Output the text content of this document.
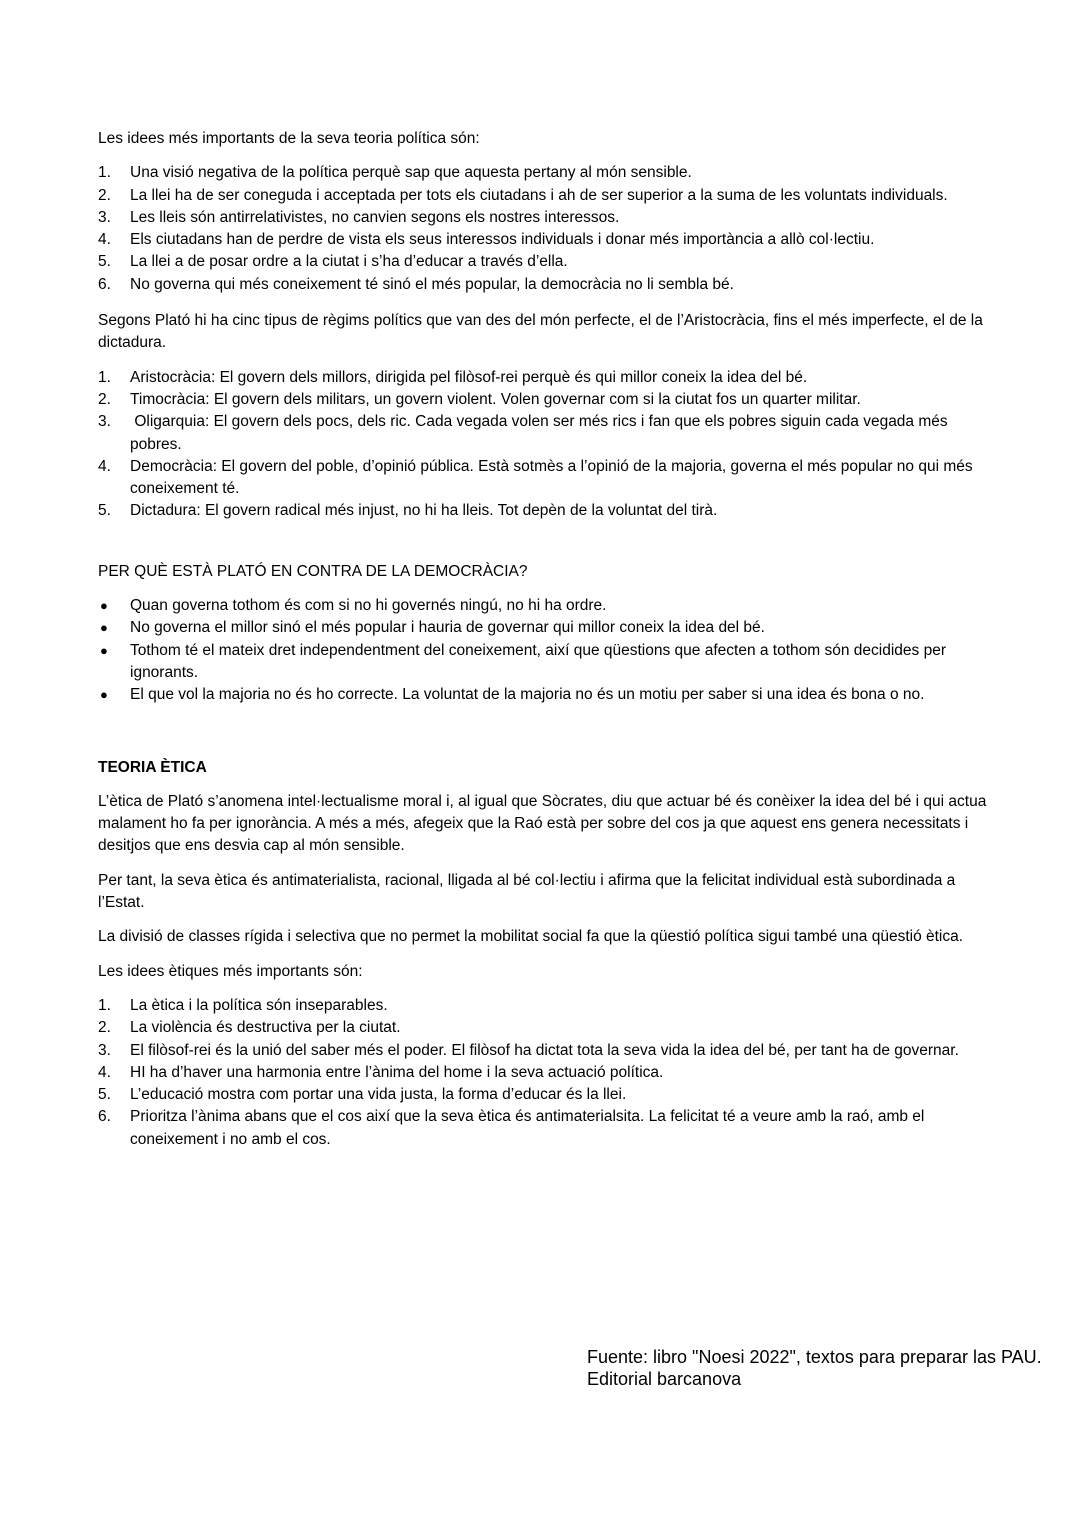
Les idees més importants de la seva teoria política són:

1.	Una visió negativa de la política perquè sap que aquesta pertany al món sensible.
2.	La llei ha de ser coneguda i acceptada per tots els ciutadans i ah de ser superior a la suma de les voluntats individuals.
3.	Les lleis són antirrelativistes, no canvien segons els nostres interessos.
4.	Els ciutadans han de perdre de vista els seus interessos individuals i donar més importància a allò col·lectiu.
5.	La llei a de posar ordre a la ciutat i s’ha d’educar a través d’ella.
6.	No governa qui més coneixement té sinó el més popular, la democràcia no li sembla bé.

Segons Plató hi ha cinc tipus de règims polítics que van des del món perfecte, el de l’Aristocràcia, fins el més imperfecte, el de la dictadura.

1.	Aristocràcia: El govern dels millors, dirigida pel filòsof-rei perquè és qui millor coneix la idea del bé.
2.	Timocràcia: El govern dels militars, un govern violent. Volen governar com si la ciutat fos un quarter militar.
3.	Oligarquia: El govern dels pocs, dels ric. Cada vegada volen ser més rics i fan que els pobres siguin cada vegada més pobres.
4.	Democràcia: El govern del poble, d’opinió pública. Està sotmès a l’opinió de la majoria, governa el més popular no qui més coneixement té.
5.	Dictadura: El govern radical més injust, no hi ha lleis. Tot depèn de la voluntat del tirà.

PER QUÈ ESTÀ PLATÓ EN CONTRA DE LA DEMOCRÀCIA?

●	Quan governa tothom és com si no hi governés ningú, no hi ha ordre.
●	No governa el millor sinó el més popular i hauria de governar qui millor coneix la idea del bé.
●	Tothom té el mateix dret independentment del coneixement, així que qüestions que afecten a tothom són decidides per ignorants.
●	El que vol la majoria no és ho correcte. La voluntat de la majoria no és un motiu per saber si una idea és bona o no.

TEORIA ÈTICA

L’ètica de Plató s’anomena intel·lectualisme moral i, al igual que Sòcrates, diu que actuar bé és conèixer la idea del bé i qui actua malament ho fa per ignorància. A més a més, afegeix que la Raó està per sobre del cos ja que aquest ens genera necessitats i desitjos que ens desvia cap al món sensible.

Per tant, la seva ètica és antimaterialista, racional, lligada al bé col·lectiu i afirma que la felicitat individual està subordinada a l’Estat.

La divisió de classes rígida i selectiva que no permet la mobilitat social fa que la qüestió política sigui també una qüestió ètica.

Les idees ètiques més importants són:

1.	La ètica i la política són inseparables.
2.	La violència és destructiva per la ciutat.
3.	El filòsof-rei és la unió del saber més el poder. El filòsof ha dictat tota la seva vida la idea del bé, per tant ha de governar.
4.	HI ha d’haver una harmonia entre l’ànima del home i la seva actuació política.
5.	L’educació mostra com portar una vida justa, la forma d’educar és la llei.
6.	Prioritza l’ànima abans que el cos així que la seva ètica és antimaterialsita. La felicitat té a veure amb la raó, amb el coneixement i no amb el cos.
Fuente: libro "Noesi 2022", textos para preparar las PAU. Editorial barcanova
